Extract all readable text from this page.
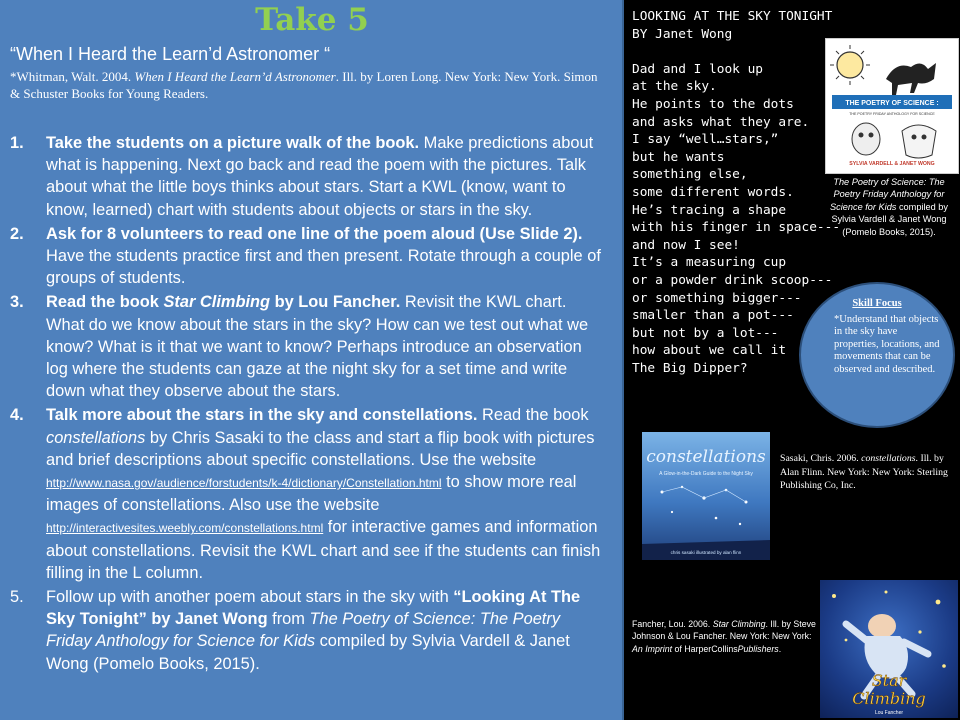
Take 5
“When I Heard the Learn’d Astronomer “
*Whitman, Walt. 2004. When I Heard the Learn’d Astronomer. Ill. by Loren Long. New York: New York. Simon & Schuster Books for Young Readers.
1. Take the students on a picture walk of the book. Make predictions about what is happening. Next go back and read the poem with the pictures. Talk about what the little boys thinks about stars. Start a KWL (know, want to know, learned) chart with students about objects or stars in the sky.
2. Ask for 8 volunteers to read one line of the poem aloud (Use Slide 2). Have the students practice first and then present. Rotate through a couple of groups of students.
3. Read the book Star Climbing by Lou Fancher. Revisit the KWL chart. What do we know about the stars in the sky? How can we test out what we know? What is it that we want to know? Perhaps introduce an observation log where the students can gaze at the night sky for a set time and write down what they observe about the stars.
4. Talk more about the stars in the sky and constellations. Read the book constellations by Chris Sasaki to the class and start a flip book with pictures and brief descriptions about specific constellations. Use the website http://www.nasa.gov/audience/forstudents/k-4/dictionary/Constellation.html to show more real images of constellations. Also use the website http://interactivesites.weebly.com/constellations.html for interactive games and information about constellations. Revisit the KWL chart and see if the students can finish filling in the L column.
5. Follow up with another poem about stars in the sky with “Looking At The Sky Tonight” by Janet Wong from The Poetry of Science: The Poetry Friday Anthology for Science for Kids compiled by Sylvia Vardell & Janet Wong (Pomelo Books, 2015).
LOOKING AT THE SKY TONIGHT
BY Janet Wong

Dad and I look up
at the sky.
He points to the dots
and asks what they are.
I say “well…stars,”
but he wants
something else,
some different words.
He’s tracing a shape
with his finger in space---
and now I see!
It’s a measuring cup
or a powder drink scoop---
or something bigger---
smaller than a pot---
but not by a lot---
how about we call it
The Big Dipper?
THE POETRY OF SCIENCE :
THE POETRY FRIDAY ANTHOLOGY FOR SCIENCE
SYLVIA VARDELL & JANET WONG
The Poetry of Science: The Poetry Friday Anthology for Science for Kids compiled by Sylvia Vardell & Janet Wong (Pomelo Books, 2015).
Skill Focus
*Understand that objects in the sky have properties, locations, and movements that can be observed and described.
constellations
A Glow-in-the-Dark Guide to the Night Sky
chris sasaki illustrated by alan flinn
Sasaki, Chris. 2006. constellations. Ill. by Alan Flinn. New York: New York: Sterling Publishing Co, Inc.
Star
Climbing
Lou Fancher
Fancher, Lou. 2006. Star Climbing. Ill. by Steve Johnson & Lou Fancher. New York: New York: An Imprint of HarperCollinsPublishers.
